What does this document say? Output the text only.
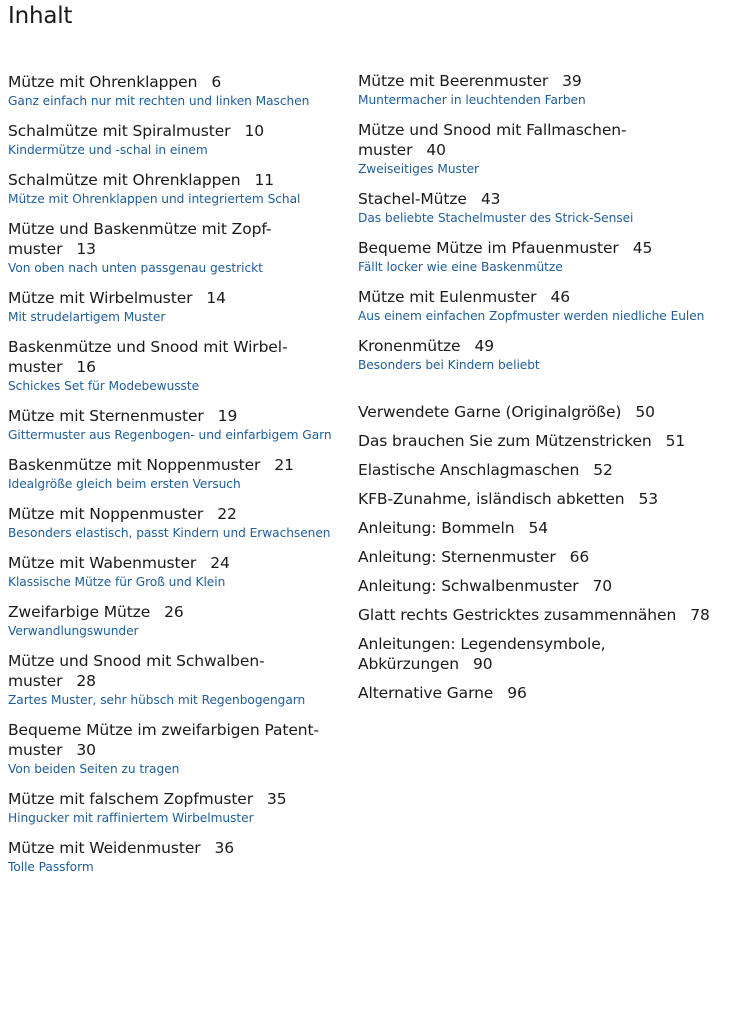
Inhalt
Mütze mit Ohrenklappen 6
Ganz einfach nur mit rechten und linken Maschen
Schalmütze mit Spiralmuster 10
Kindermütze und -schal in einem
Schalmütze mit Ohrenklappen 11
Mütze mit Ohrenklappen und integriertem Schal
Mütze und Baskenmütze mit Zopf-
muster 13
Von oben nach unten passgenau gestrickt
Mütze mit Wirbelmuster 14
Mit strudelartigem Muster
Baskenmütze und Snood mit Wirbel-
muster 16
Schickes Set für Modebewusste
Mütze mit Sternenmuster 19
Gittermuster aus Regenbogen- und einfarbigem Garn
Baskenmütze mit Noppenmuster 21
Idealgröße gleich beim ersten Versuch
Mütze mit Noppenmuster 22
Besonders elastisch, passt Kindern und Erwachsenen
Mütze mit Wabenmuster 24
Klassische Mütze für Groß und Klein
Zweifarbige Mütze 26
Verwandlungswunder
Mütze und Snood mit Schwalben-
muster 28
Zartes Muster, sehr hübsch mit Regenbogengarn
Bequeme Mütze im zweifarbigen Patent-
muster 30
Von beiden Seiten zu tragen
Mütze mit falschem Zopfmuster 35
Hingucker mit raffiniertem Wirbelmuster
Mütze mit Weidenmuster 36
Tolle Passform
Mütze mit Beerenmuster 39
Muntermacher in leuchtenden Farben
Mütze und Snood mit Fallmaschen-
muster 40
Zweiseitiges Muster
Stachel-Mütze 43
Das beliebte Stachelmuster des Strick-Sensei
Bequeme Mütze im Pfauenmuster 45
Fällt locker wie eine Baskenmütze
Mütze mit Eulenmuster 46
Aus einem einfachen Zopfmuster werden niedliche Eulen
Kronenmütze 49
Besonders bei Kindern beliebt
Verwendete Garne (Originalgröße) 50
Das brauchen Sie zum Mützenstricken 51
Elastische Anschlagmaschen 52
KFB-Zunahme, isländisch abketten 53
Anleitung: Bommeln 54
Anleitung: Sternenmuster 66
Anleitung: Schwalbenmuster 70
Glatt rechts Gestricktes zusammennähen 78
Anleitungen: Legendensymbole,
Abkürzungen 90
Alternative Garne 96
